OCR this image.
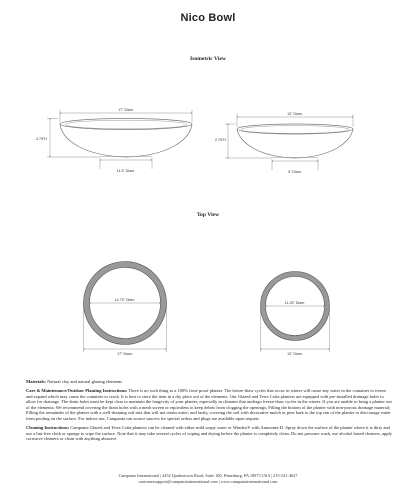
Nico Bowl
Isometric View
Top View
17" Diam.
3.75"H
11.5" Diam.
13" Diam.
2.75"H
9" Diam.
14.75" Diam.
17" Diam.
11.25" Diam.
13" Diam.

Materials: Natural clay and natural glazing elements

Care & Maintenance/Outdoor Planting Instructions: There is no such thing as a 100% frost-proof planter. The freeze-thaw cycles that occur in winter will cause any water in the container to freeze and expand which may cause the container to crack. It is best to store the item in a dry place out of the elements. Our Glazed and Terra Cotta planters are equipped with pre-installed drainage holes to allow for drainage. The drain holes must be kept clear to maintain the longevity of your planter, especially in climates that undergo freeze-thaw cycles in the winter. If you are unable to bring a planter out of the elements: We recommend covering the drain holes with a mesh screen or equivalent to keep debris from clogging the openings; Filling the bottom of the planter with non-porous drainage material; Filling the remainder of the planter with a well-draining soil mix that will not retain water; and lastly, covering the soil with decorative mulch or pine bark to the top rim of the planter to discourage water from pooling on the surface. For indoor use, Campania can source saucers for special orders and plugs are available upon request.

Cleaning Instructions: Campania Glazed and Terra Cotta planters can be cleaned with either mild soapy water or Windex® with Ammonia-D. Spray down the surface of the planter where it is dirty and use a lint-free cloth or sponge to wipe the surface. Note that it may take several cycles of wiping and drying before the planter is completely clean. Do not pressure wash, use alcohol based cleaners, apply corrosive cleaners or clean with anything abrasive.

Campania International | 2452 Quakertown Road, Suite 100, Pennsburg, PA 18073 USA | 215-541-4627
customersupport@campaniainternational.com | www.campaniainternational.com
